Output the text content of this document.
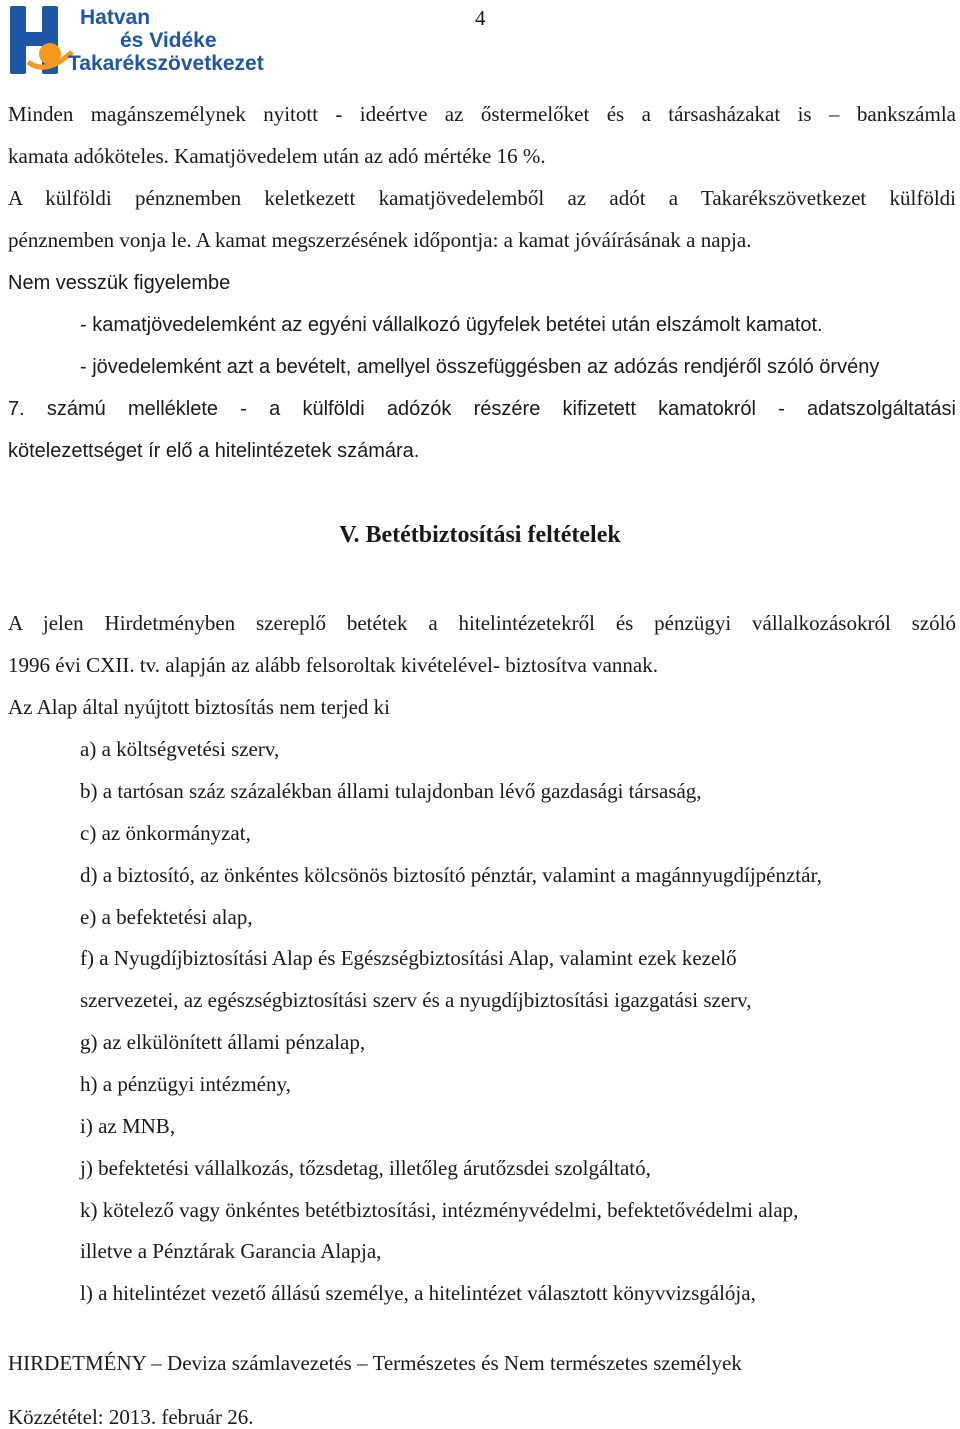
Hatvan
és Vidéke
Takarékszövetkezet
4
Minden magánszemélynek nyitott - ideértve az őstermelőket és a társasházakat is – bankszámla
kamata adóköteles. Kamatjövedelem után az adó mértéke 16 %.
A külföldi pénznemben keletkezett kamatjövedelemből az adót a Takarékszövetkezet külföldi
pénznemben vonja le. A kamat megszerzésének időpontja: a kamat jóváírásának a napja.
Nem vesszük figyelembe
- kamatjövedelemként az egyéni vállalkozó ügyfelek betétei után elszámolt kamatot.
- jövedelemként azt a bevételt, amellyel összefüggésben az adózás rendjéről szóló örvény
7. számú melléklete - a külföldi adózók részére kifizetett kamatokról - adatszolgáltatási
kötelezettséget ír elő a hitelintézetek számára.
V. Betétbiztosítási feltételek
A jelen Hirdetményben szereplő betétek a hitelintézetekről és pénzügyi vállalkozásokról szóló
1996 évi CXII. tv. alapján az alább felsoroltak kivételével- biztosítva vannak.
Az Alap által nyújtott biztosítás nem terjed ki
a) a költségvetési szerv,
b) a tartósan száz százalékban állami tulajdonban lévő gazdasági társaság,
c) az önkormányzat,
d) a biztosító, az önkéntes kölcsönös biztosító pénztár, valamint a magánnyugdíjpénztár,
e) a befektetési alap,
f) a Nyugdíjbiztosítási Alap és Egészségbiztosítási Alap, valamint ezek kezelő
szervezetei, az egészségbiztosítási szerv és a nyugdíjbiztosítási igazgatási szerv,
g) az elkülönített állami pénzalap,
h) a pénzügyi intézmény,
i) az MNB,
j) befektetési vállalkozás, tőzsdetag, illetőleg árutőzsdei szolgáltató,
k) kötelező vagy önkéntes betétbiztosítási, intézményvédelmi, befektetővédelmi alap,
illetve a Pénztárak Garancia Alapja,
l) a hitelintézet vezető állású személye, a hitelintézet választott könyvvizsgálója,
HIRDETMÉNY – Deviza számlavezetés – Természetes és Nem természetes személyek
Közzététel: 2013. február 26.
